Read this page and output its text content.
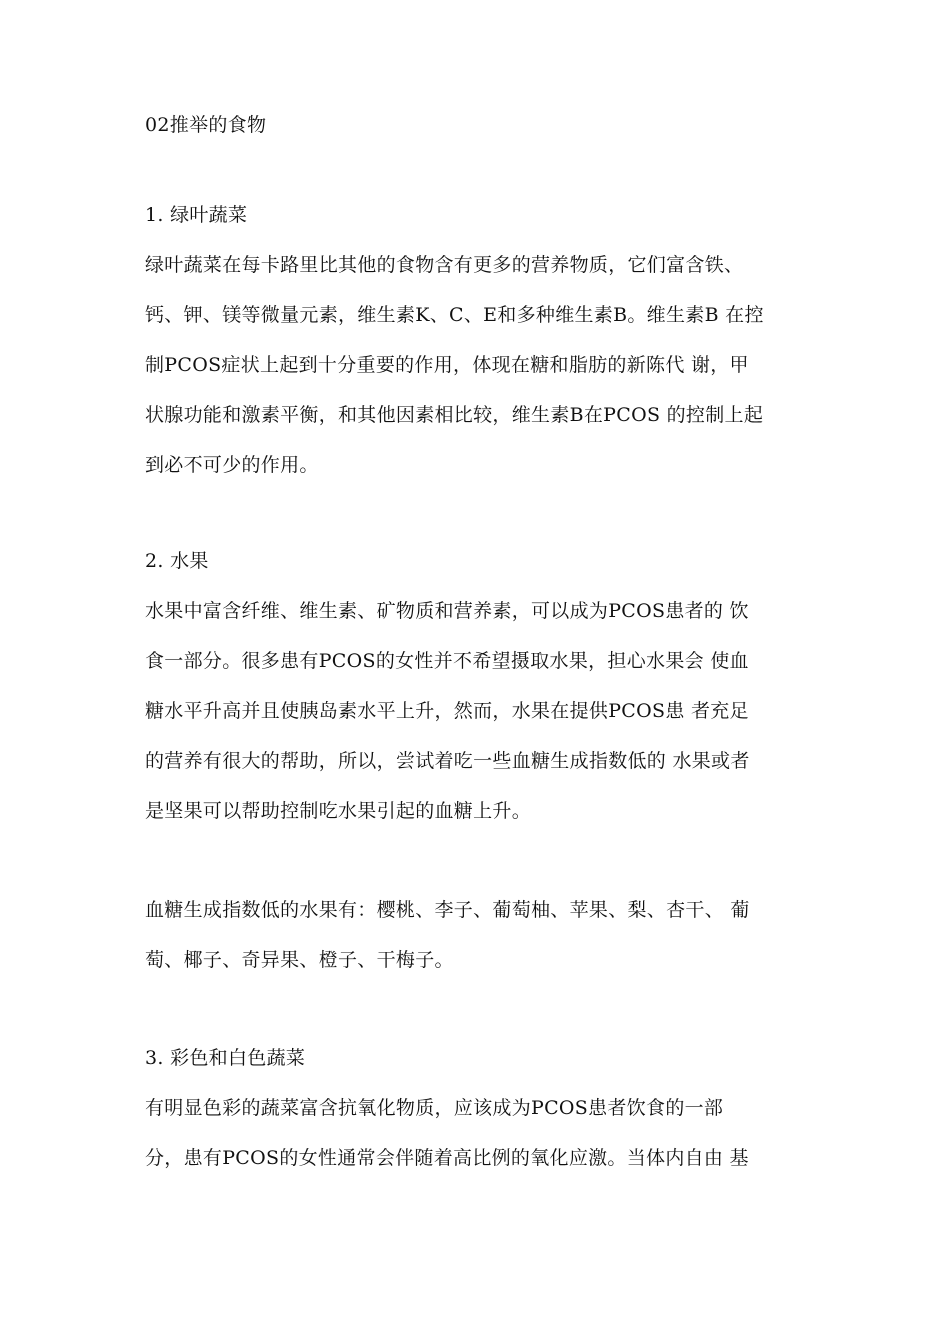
02推举的食物
1. 绿叶蔬菜
绿叶蔬菜在每卡路里比其他的食物含有更多的营养物质，它们富含铁、
钙、钾、镁等微量元素，维生素K、C、E和多种维生素B。维生素B 在控
制PCOS症状上起到十分重要的作用，体现在糖和脂肪的新陈代 谢，甲
状腺功能和激素平衡，和其他因素相比较，维生素B在PCOS 的控制上起
到必不可少的作用。
2. 水果
水果中富含纤维、维生素、矿物质和营养素，可以成为PCOS患者的 饮
食一部分。很多患有PCOS的女性并不希望摄取水果，担心水果会 使血
糖水平升高并且使胰岛素水平上升，然而，水果在提供PCOS患 者充足
的营养有很大的帮助，所以，尝试着吃一些血糖生成指数低的 水果或者
是坚果可以帮助控制吃水果引起的血糖上升。
血糖生成指数低的水果有：樱桃、李子、葡萄柚、苹果、梨、杏干、 葡
萄、椰子、奇异果、橙子、干梅子。
3. 彩色和白色蔬菜
有明显色彩的蔬菜富含抗氧化物质，应该成为PCOS患者饮食的一部
分，患有PCOS的女性通常会伴随着高比例的氧化应激。当体内自由 基
